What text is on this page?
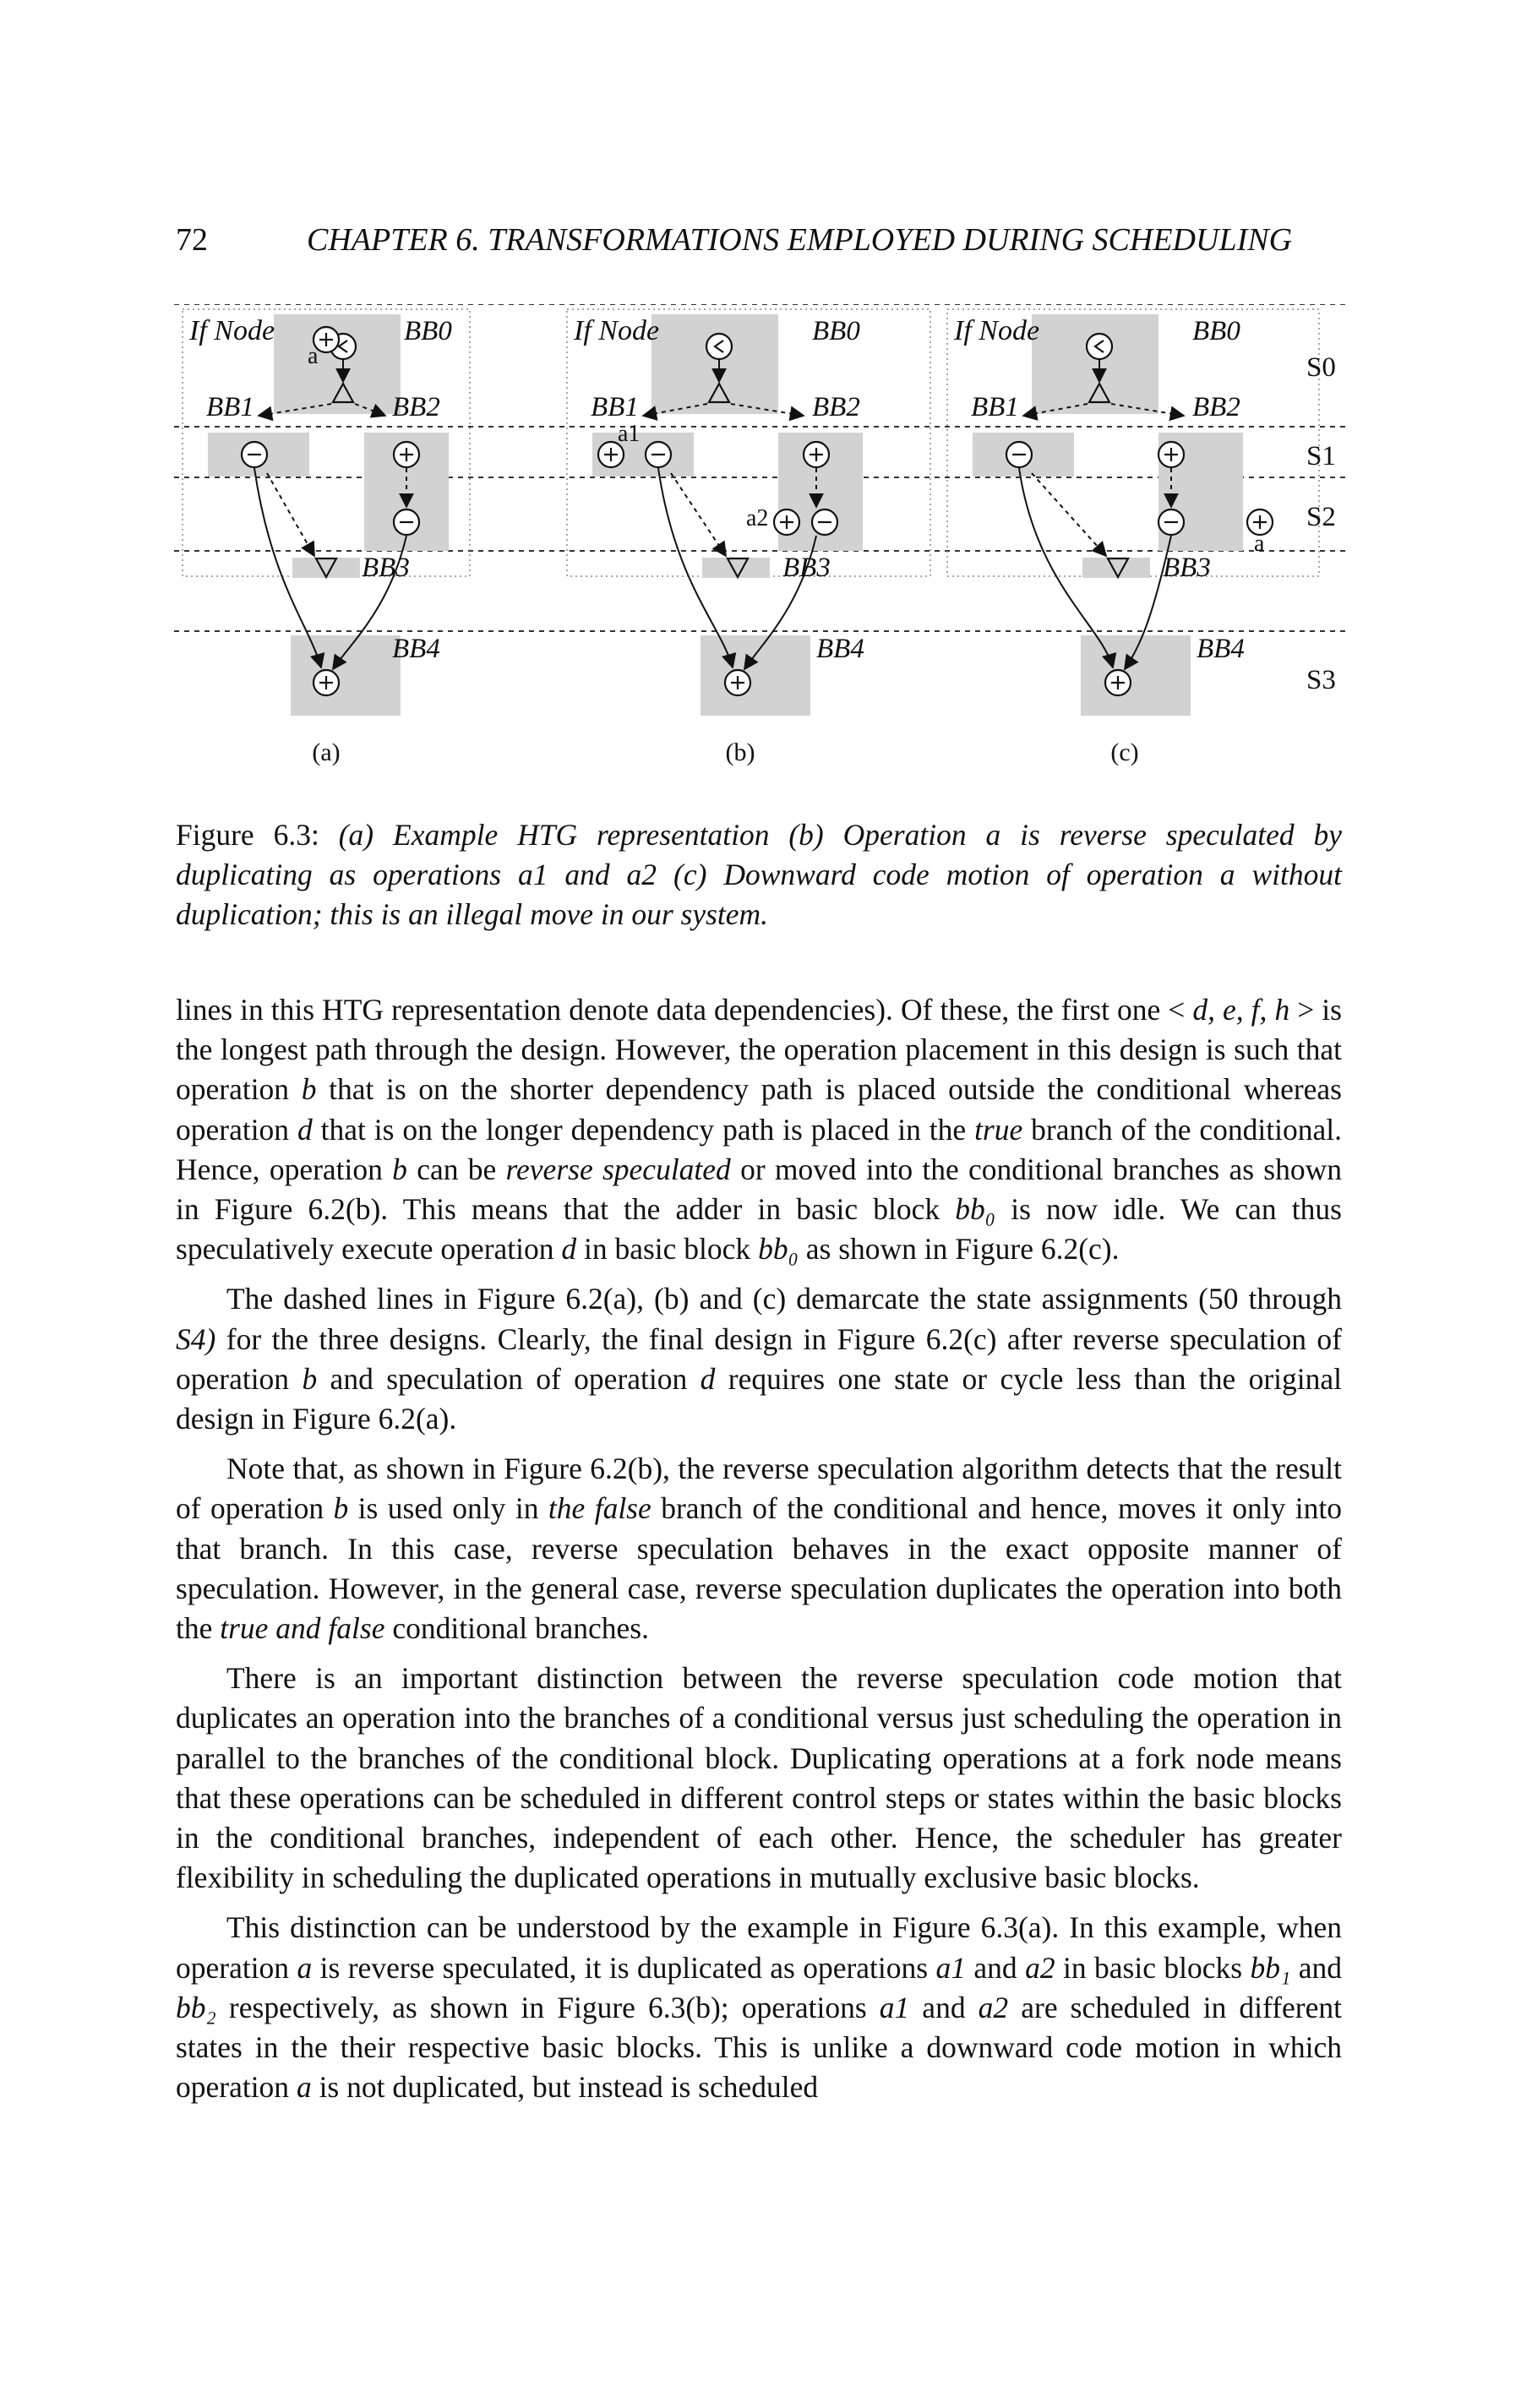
72	CHAPTER 6. TRANSFORMATIONS EMPLOYED DURING SCHEDULING
If Node	BB0
BB1	BB2
BB3
BB4
a
(a)
If Node	BB0
BB1	BB2
BB3
BB4
a1
a2
(b)
If Node	BB0
BB1	BB2
BB3
BB4
a
(c)
S0
S1
S2
S3
Figure 6.3: (a) Example HTG representation (b) Operation a is reverse speculated by duplicating as operations a1 and a2 (c) Downward code motion of operation a without duplication; this is an illegal move in our system.

lines in this HTG representation denote data dependencies). Of these, the first one < d, e, f, h > is the longest path through the design. However, the operation placement in this design is such that operation b that is on the shorter dependency path is placed outside the conditional whereas operation d that is on the longer dependency path is placed in the true branch of the conditional. Hence, operation b can be reverse speculated or moved into the conditional branches as shown in Figure 6.2(b). This means that the adder in basic block bb₀ is now idle. We can thus speculatively execute operation d in basic block bb₀ as shown in Figure 6.2(c).

The dashed lines in Figure 6.2(a), (b) and (c) demarcate the state assignments (50 through S4) for the three designs. Clearly, the final design in Figure 6.2(c) after reverse speculation of operation b and speculation of operation d requires one state or cycle less than the original design in Figure 6.2(a).

Note that, as shown in Figure 6.2(b), the reverse speculation algorithm detects that the result of operation b is used only in the false branch of the conditional and hence, moves it only into that branch. In this case, reverse speculation behaves in the exact opposite manner of speculation. However, in the general case, reverse speculation duplicates the operation into both the true and false conditional branches.

There is an important distinction between the reverse speculation code motion that duplicates an operation into the branches of a conditional versus just scheduling the operation in parallel to the branches of the conditional block. Duplicating operations at a fork node means that these operations can be scheduled in different control steps or states within the basic blocks in the conditional branches, independent of each other. Hence, the scheduler has greater flexibility in scheduling the duplicated operations in mutually exclusive basic blocks.

This distinction can be understood by the example in Figure 6.3(a). In this example, when operation a is reverse speculated, it is duplicated as operations a1 and a2 in basic blocks bb₁ and bb₂ respectively, as shown in Figure 6.3(b); operations a1 and a2 are scheduled in different states in the their respective basic blocks. This is unlike a downward code motion in which operation a is not duplicated, but instead is scheduled
